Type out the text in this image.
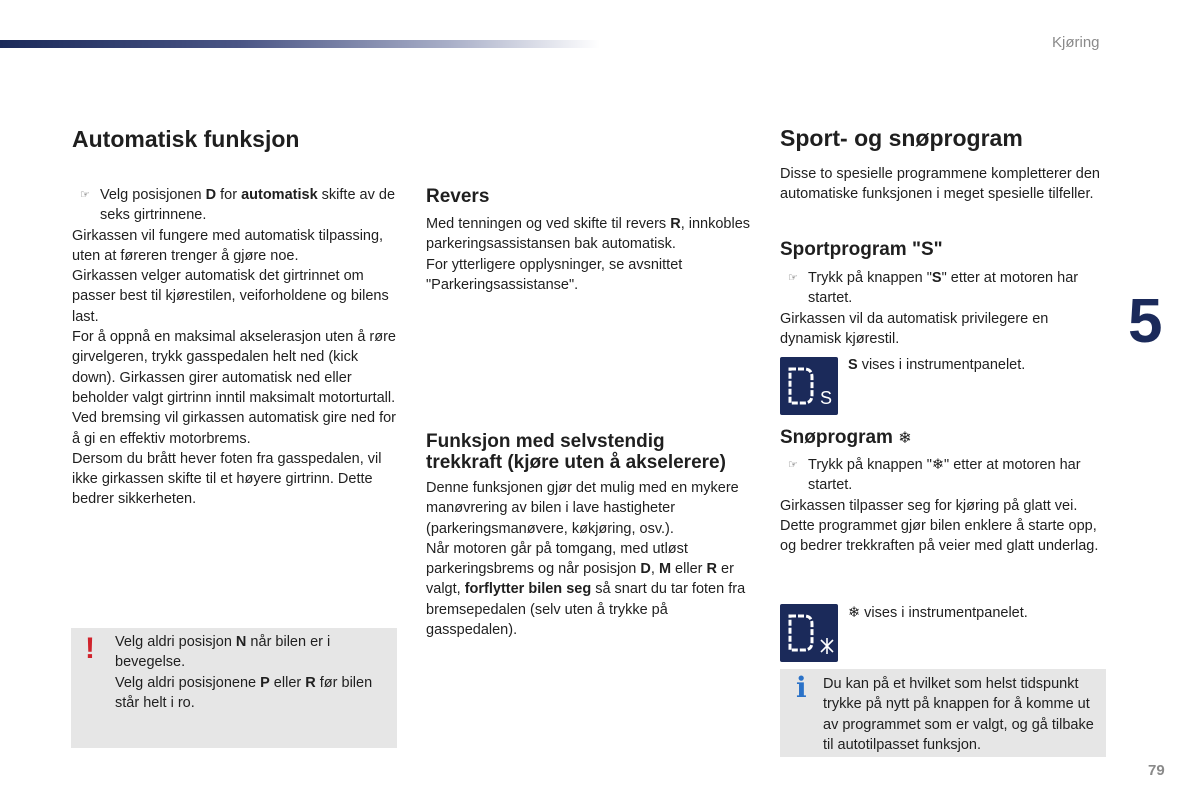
Kjøring
5
79
Automatisk funksjon
☞ Velg posisjonen D for automatisk skifte av de seks girtrinnene.
Girkassen vil fungere med automatisk tilpassing, uten at føreren trenger å gjøre noe.
Girkassen velger automatisk det girtrinnet om passer best til kjørestilen, veiforholdene og bilens last.
For å oppnå en maksimal akselerasjon uten å røre girvelgeren, trykk gasspedalen helt ned (kick down). Girkassen girer automatisk ned eller beholder valgt girtrinn inntil maksimalt motorturtall.
Ved bremsing vil girkassen automatisk gire ned for å gi en effektiv motorbrems.
Dersom du brått hever foten fra gasspedalen, vil ikke girkassen skifte til et høyere girtrinn. Dette bedrer sikkerheten.
! Velg aldri posisjon N når bilen er i bevegelse.
Velg aldri posisjonene P eller R før bilen står helt i ro.
Revers
Med tenningen og ved skifte til revers R, innkobles parkeringsassistansen bak automatisk.
For ytterligere opplysninger, se avsnittet "Parkeringsassistanse".
Funksjon med selvstendig
trekkraft (kjøre uten å akselerere)
Denne funksjonen gjør det mulig med en mykere manøvrering av bilen i lave hastigheter (parkeringsmanøvere, køkjøring, osv.).
Når motoren går på tomgang, med utløst parkeringsbrems og når posisjon D, M eller R er valgt, forflytter bilen seg så snart du tar foten fra bremsepedalen (selv uten å trykke på gasspedalen).
Sport- og snøprogram
Disse to spesielle programmene kompletterer den automatiske funksjonen i meget spesielle tilfeller.
Sportprogram "S"
☞ Trykk på knappen "S" etter at motoren har startet.
Girkassen vil da automatisk privilegere en dynamisk kjørestil.
S
S vises i instrumentpanelet.
Snøprogram ❄
☞ Trykk på knappen "❄" etter at motoren har startet.
Girkassen tilpasser seg for kjøring på glatt vei. Dette programmet gjør bilen enklere å starte opp, og bedrer trekkraften på veier med glatt underlag.
❄ vises i instrumentpanelet.
i Du kan på et hvilket som helst tidspunkt trykke på nytt på knappen for å komme ut av programmet som er valgt, og gå tilbake til autotilpasset funksjon.
